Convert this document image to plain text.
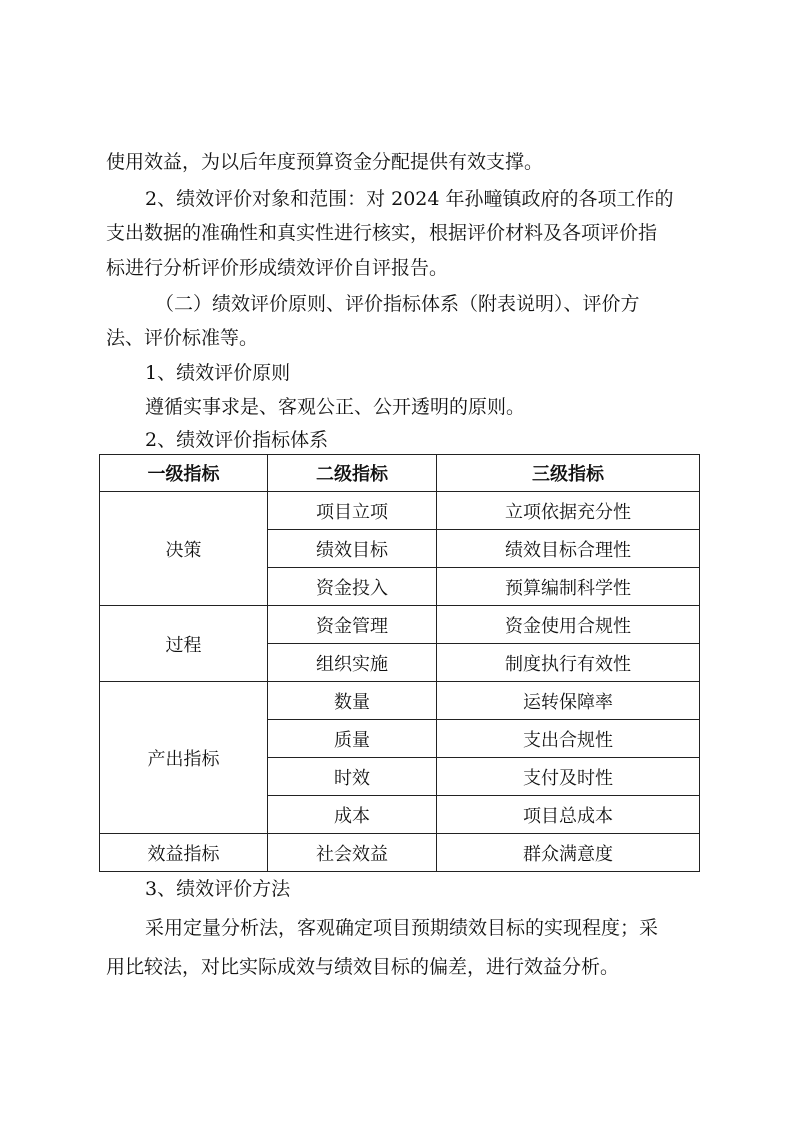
使用效益，为以后年度预算资金分配提供有效支撑。
2、绩效评价对象和范围：对 2024 年孙疃镇政府的各项工作的
支出数据的准确性和真实性进行核实，根据评价材料及各项评价指
标进行分析评价形成绩效评价自评报告。
（二）绩效评价原则、评价指标体系（附表说明）、评价方
法、评价标准等。
1、绩效评价原则
遵循实事求是、客观公正、公开透明的原则。
2、绩效评价指标体系
一级指标	二级指标	三级指标
决策	项目立项	立项依据充分性
	绩效目标	绩效目标合理性
	资金投入	预算编制科学性
过程	资金管理	资金使用合规性
	组织实施	制度执行有效性
产出指标	数量	运转保障率
	质量	支出合规性
	时效	支付及时性
	成本	项目总成本
效益指标	社会效益	群众满意度
3、绩效评价方法
采用定量分析法，客观确定项目预期绩效目标的实现程度；采
用比较法，对比实际成效与绩效目标的偏差，进行效益分析。
